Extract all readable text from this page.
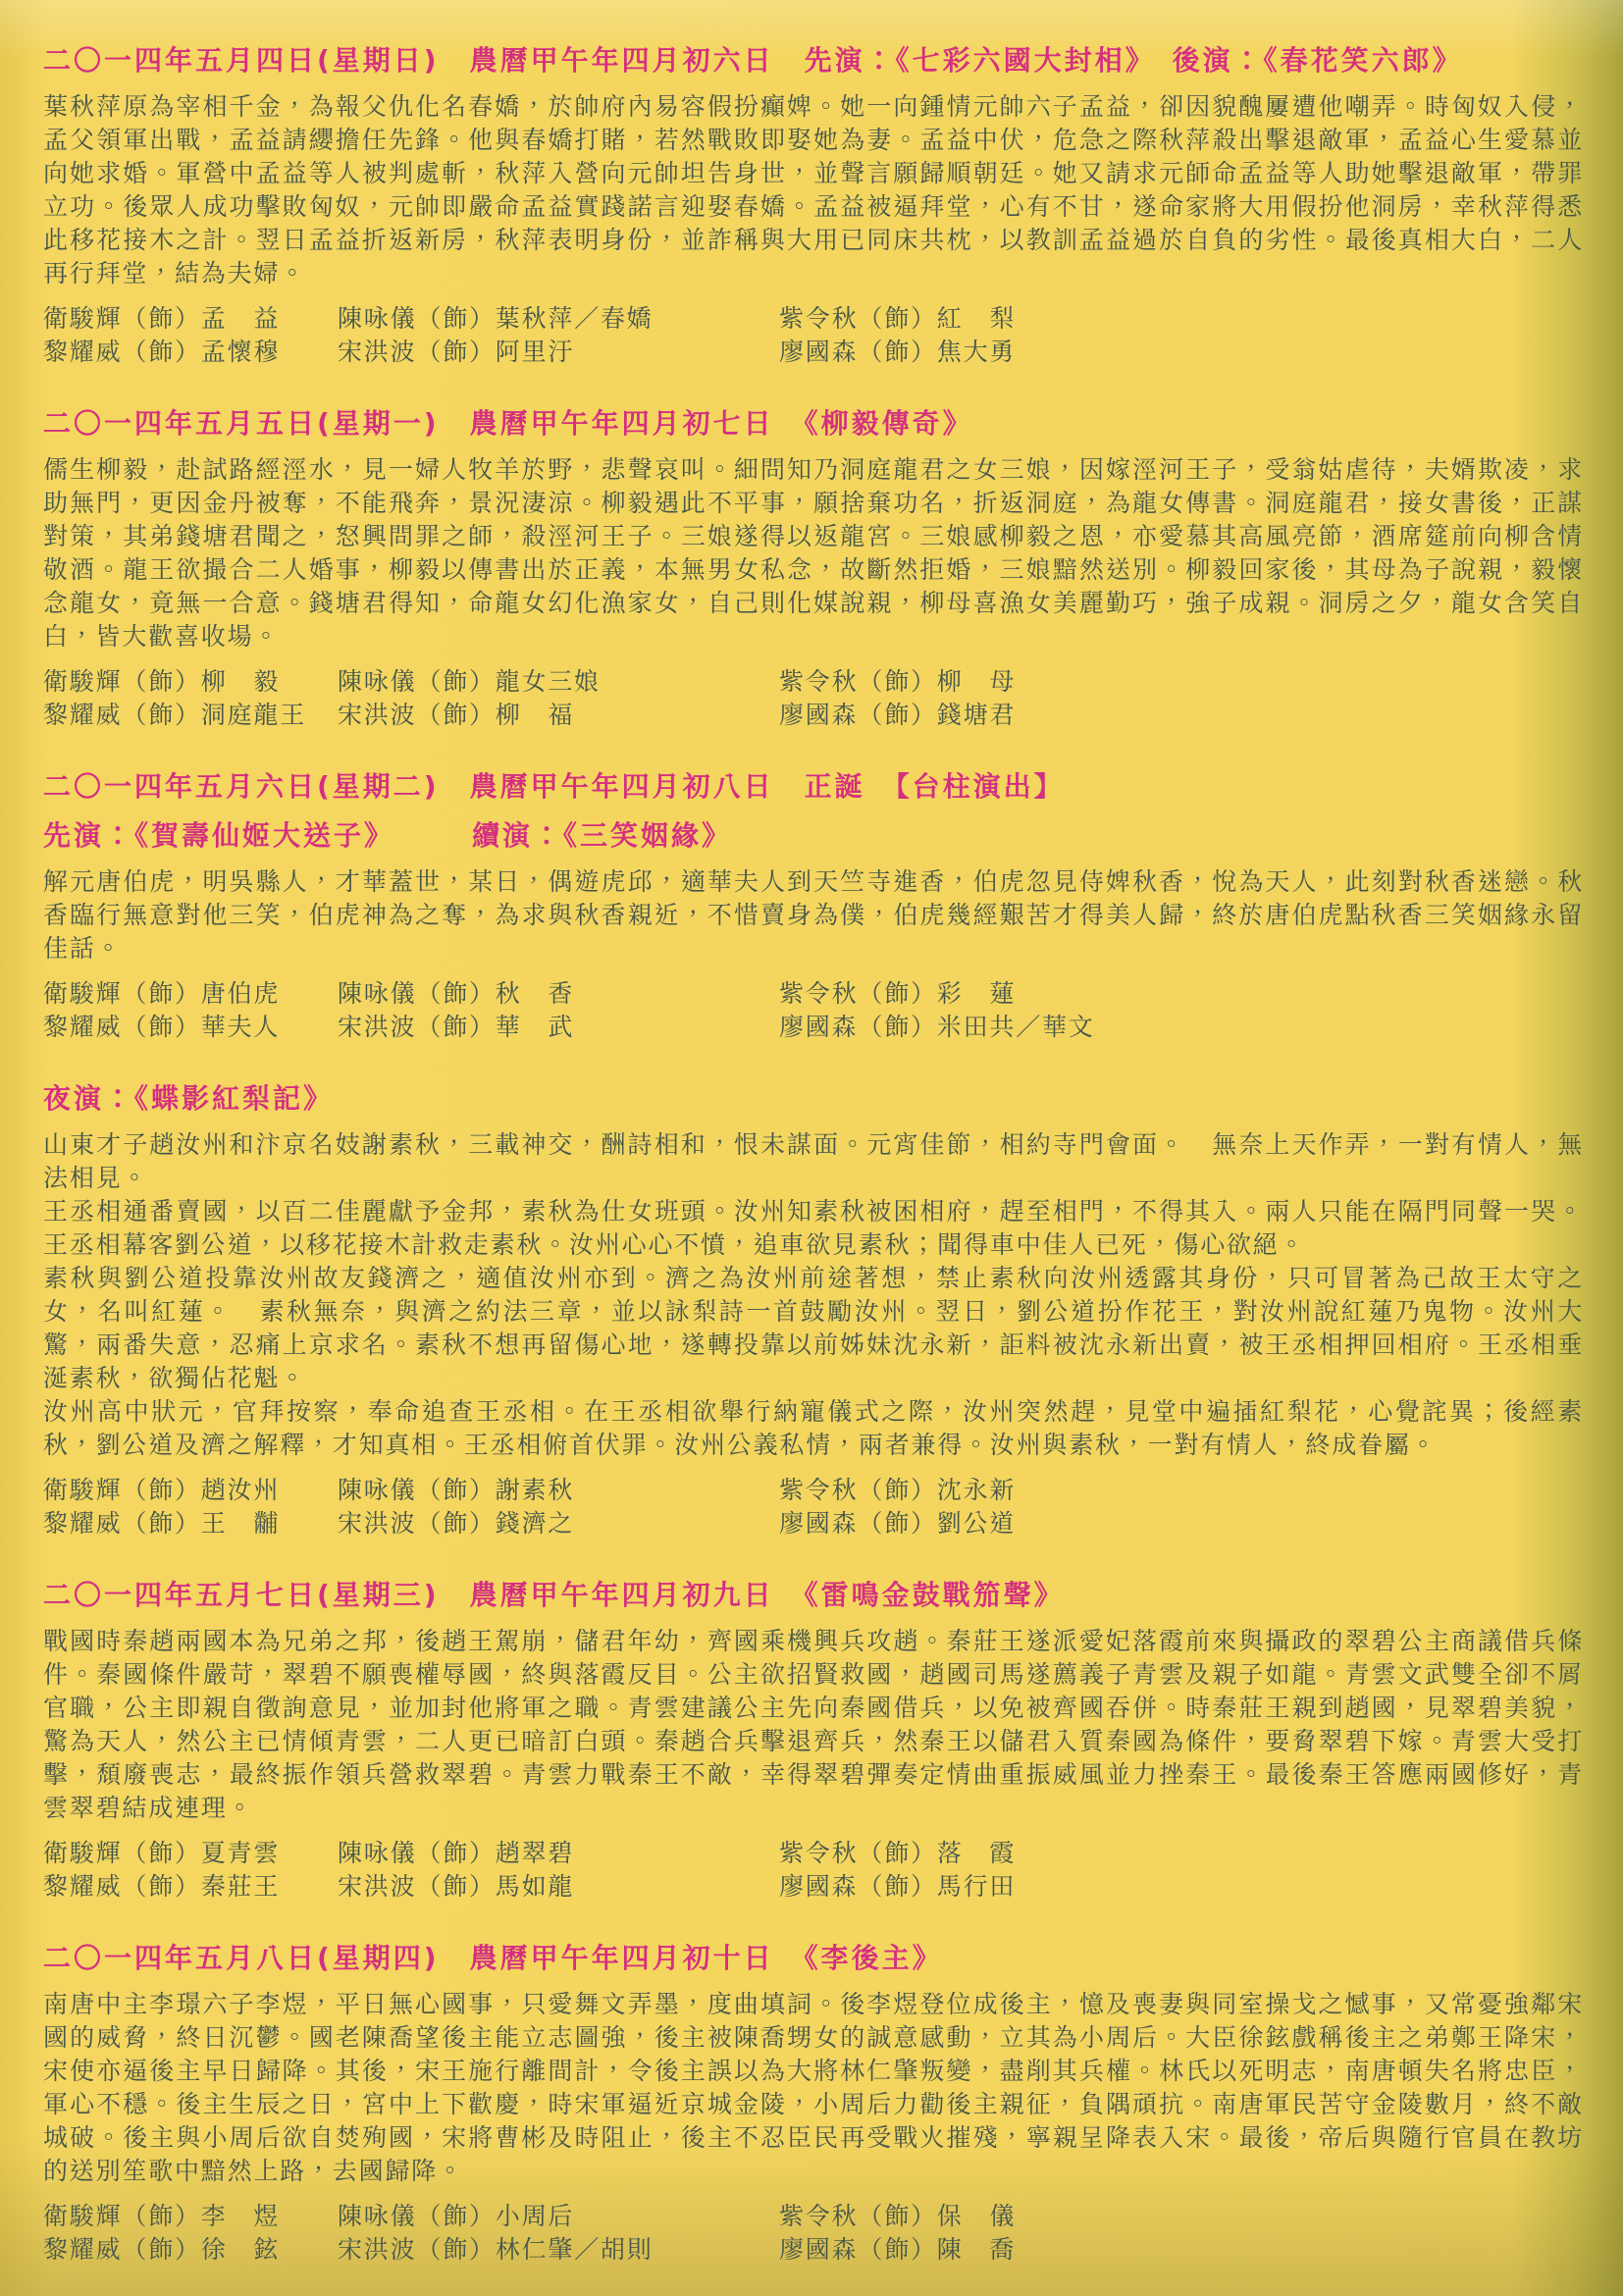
二〇一四年五月四日(星期日)　農曆甲午年四月初六日　先演：《七彩六國大封相》　後演：《春花笑六郎》

葉秋萍原為宰相千金，為報父仇化名春嬌，於帥府內易容假扮癲婢。她一向鍾情元帥六子孟益，卻因貌醜屢遭他嘲弄。時匈奴入侵，孟父領軍出戰，孟益請纓擔任先鋒。他與春嬌打賭，若然戰敗即娶她為妻。孟益中伏，危急之際秋萍殺出擊退敵軍，孟益心生愛慕並向她求婚。軍營中孟益等人被判處斬，秋萍入營向元帥坦告身世，並聲言願歸順朝廷。她又請求元師命孟益等人助她擊退敵軍，帶罪立功。後眾人成功擊敗匈奴，元帥即嚴命孟益實踐諾言迎娶春嬌。孟益被逼拜堂，心有不甘，遂命家將大用假扮他洞房，幸秋萍得悉此移花接木之計。翌日孟益折返新房，秋萍表明身份，並詐稱與大用已同床共枕，以教訓孟益過於自負的劣性。最後真相大白，二人再行拜堂，結為夫婦。

衛駿輝（飾）孟　益	陳咏儀（飾）葉秋萍／春嬌	紫令秋（飾）紅　梨
黎耀威（飾）孟懷穆	宋洪波（飾）阿里汙	廖國森（飾）焦大勇
二〇一四年五月五日(星期一)　農曆甲午年四月初七日　《柳毅傳奇》

儒生柳毅，赴試路經涇水，見一婦人牧羊於野，悲聲哀叫。細問知乃洞庭龍君之女三娘，因嫁涇河王子，受翁姑虐待，夫婿欺凌，求助無門，更因金丹被奪，不能飛奔，景況淒涼。柳毅遇此不平事，願捨棄功名，折返洞庭，為龍女傳書。洞庭龍君，接女書後，正謀對策，其弟錢塘君聞之，怒興問罪之師，殺涇河王子。三娘遂得以返龍宮。三娘感柳毅之恩，亦愛慕其高風亮節，酒席筵前向柳含情敬酒。龍王欲撮合二人婚事，柳毅以傳書出於正義，本無男女私念，故斷然拒婚，三娘黯然送別。柳毅回家後，其母為子說親，毅懷念龍女，竟無一合意。錢塘君得知，命龍女幻化漁家女，自己則化媒說親，柳母喜漁女美麗勤巧，強子成親。洞房之夕，龍女含笑自白，皆大歡喜收場。

衛駿輝（飾）柳　毅	陳咏儀（飾）龍女三娘	紫令秋（飾）柳　母
黎耀威（飾）洞庭龍王	宋洪波（飾）柳　福	廖國森（飾）錢塘君
二〇一四年五月六日(星期二)　農曆甲午年四月初八日　正誕　【台柱演出】
先演：《賀壽仙姬大送子》　　　續演：《三笑姻緣》

解元唐伯虎，明吳縣人，才華蓋世，某日，偶遊虎邱，適華夫人到天竺寺進香，伯虎忽見侍婢秋香，悅為天人，此刻對秋香迷戀。秋香臨行無意對他三笑，伯虎神為之奪，為求與秋香親近，不惜賣身為僕，伯虎幾經艱苦才得美人歸，終於唐伯虎點秋香三笑姻緣永留佳話。

衛駿輝（飾）唐伯虎	陳咏儀（飾）秋　香	紫令秋（飾）彩　蓮
黎耀威（飾）華夫人	宋洪波（飾）華　武	廖國森（飾）米田共／華文
夜演：《蝶影紅梨記》

山東才子趙汝州和汴京名妓謝素秋，三載神交，酬詩相和，恨未謀面。元宵佳節，相約寺門會面。　無奈上天作弄，一對有情人，無法相見。

王丞相通番賣國，以百二佳麗獻予金邦，素秋為仕女班頭。汝州知素秋被困相府，趕至相門，不得其入。兩人只能在隔門同聲一哭。王丞相幕客劉公道，以移花接木計救走素秋。汝州心心不憤，追車欲見素秋；聞得車中佳人已死，傷心欲絕。

素秋與劉公道投靠汝州故友錢濟之，適值汝州亦到。濟之為汝州前途著想，禁止素秋向汝州透露其身份，只可冒著為己故王太守之女，名叫紅蓮。　素秋無奈，與濟之約法三章，並以詠梨詩一首鼓勵汝州。翌日，劉公道扮作花王，對汝州說紅蓮乃鬼物。汝州大驚，兩番失意，忍痛上京求名。素秋不想再留傷心地，遂轉投靠以前姊妹沈永新，詎料被沈永新出賣，被王丞相押回相府。王丞相垂涎素秋，欲獨佔花魁。

汝州高中狀元，官拜按察，奉命追查王丞相。在王丞相欲舉行納寵儀式之際，汝州突然趕，見堂中遍插紅梨花，心覺詫異；後經素秋，劉公道及濟之解釋，才知真相。王丞相俯首伏罪。汝州公義私情，兩者兼得。汝州與素秋，一對有情人，終成眷屬。

衛駿輝（飾）趙汝州	陳咏儀（飾）謝素秋	紫令秋（飾）沈永新
黎耀威（飾）王　黼	宋洪波（飾）錢濟之	廖國森（飾）劉公道
二〇一四年五月七日(星期三)　農曆甲午年四月初九日　《雷鳴金鼓戰笳聲》

戰國時秦趙兩國本為兄弟之邦，後趙王駕崩，儲君年幼，齊國乘機興兵攻趙。秦莊王遂派愛妃落霞前來與攝政的翠碧公主商議借兵條件。秦國條件嚴苛，翠碧不願喪權辱國，終與落霞反目。公主欲招賢救國，趙國司馬遂薦義子青雲及親子如龍。青雲文武雙全卻不屑官職，公主即親自徵詢意見，並加封他將軍之職。青雲建議公主先向秦國借兵，以免被齊國吞併。時秦莊王親到趙國，見翠碧美貌，驚為天人，然公主已情傾青雲，二人更已暗訂白頭。秦趙合兵擊退齊兵，然秦王以儲君入質秦國為條件，要脅翠碧下嫁。青雲大受打擊，頹廢喪志，最終振作領兵營救翠碧。青雲力戰秦王不敵，幸得翠碧彈奏定情曲重振威風並力挫秦王。最後秦王答應兩國修好，青雲翠碧結成連理。

衛駿輝（飾）夏青雲	陳咏儀（飾）趙翠碧	紫令秋（飾）落　霞
黎耀威（飾）秦莊王	宋洪波（飾）馬如龍	廖國森（飾）馬行田
二〇一四年五月八日(星期四)　農曆甲午年四月初十日　《李後主》

南唐中主李璟六子李煜，平日無心國事，只愛舞文弄墨，度曲填詞。後李煜登位成後主，憶及喪妻與同室操戈之憾事，又常憂強鄰宋國的威脅，終日沉鬱。國老陳喬望後主能立志圖強，後主被陳喬甥女的誠意感動，立其為小周后。大臣徐鉉戲稱後主之弟鄭王降宋，宋使亦逼後主早日歸降。其後，宋王施行離間計，令後主誤以為大將林仁肇叛變，盡削其兵權。林氏以死明志，南唐頓失名將忠臣，軍心不穩。後主生辰之日，宮中上下歡慶，時宋軍逼近京城金陵，小周后力勸後主親征，負隅頑抗。南唐軍民苦守金陵數月，終不敵城破。後主與小周后欲自焚殉國，宋將曹彬及時阻止，後主不忍臣民再受戰火摧殘，寧親呈降表入宋。最後，帝后與隨行官員在教坊的送別笙歌中黯然上路，去國歸降。

衛駿輝（飾）李　煜	陳咏儀（飾）小周后	紫令秋（飾）保　儀
黎耀威（飾）徐　鉉	宋洪波（飾）林仁肇／胡則	廖國森（飾）陳　喬
